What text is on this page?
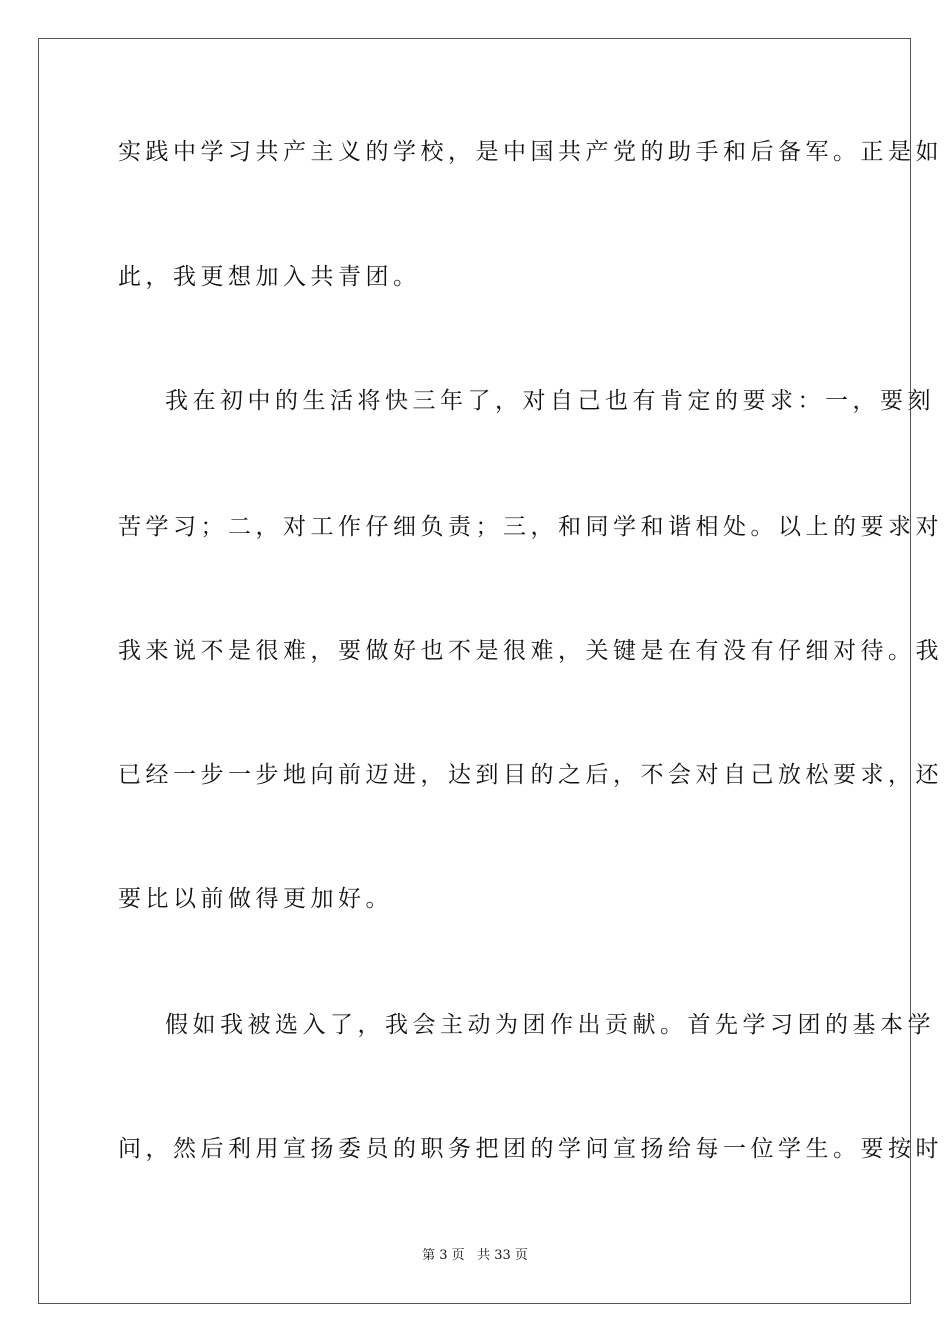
实践中学习共产主义的学校，是中国共产党的助手和后备军。正是如
此，我更想加入共青团。
我在初中的生活将快三年了，对自己也有肯定的要求：一，要刻
苦学习；二，对工作仔细负责；三，和同学和谐相处。以上的要求对
我来说不是很难，要做好也不是很难，关键是在有没有仔细对待。我
已经一步一步地向前迈进，达到目的之后，不会对自己放松要求，还
要比以前做得更加好。
假如我被选入了，我会主动为团作出贡献。首先学习团的基本学
问，然后利用宣扬委员的职务把团的学问宣扬给每一位学生。要按时
第 3 页 共 33 页
